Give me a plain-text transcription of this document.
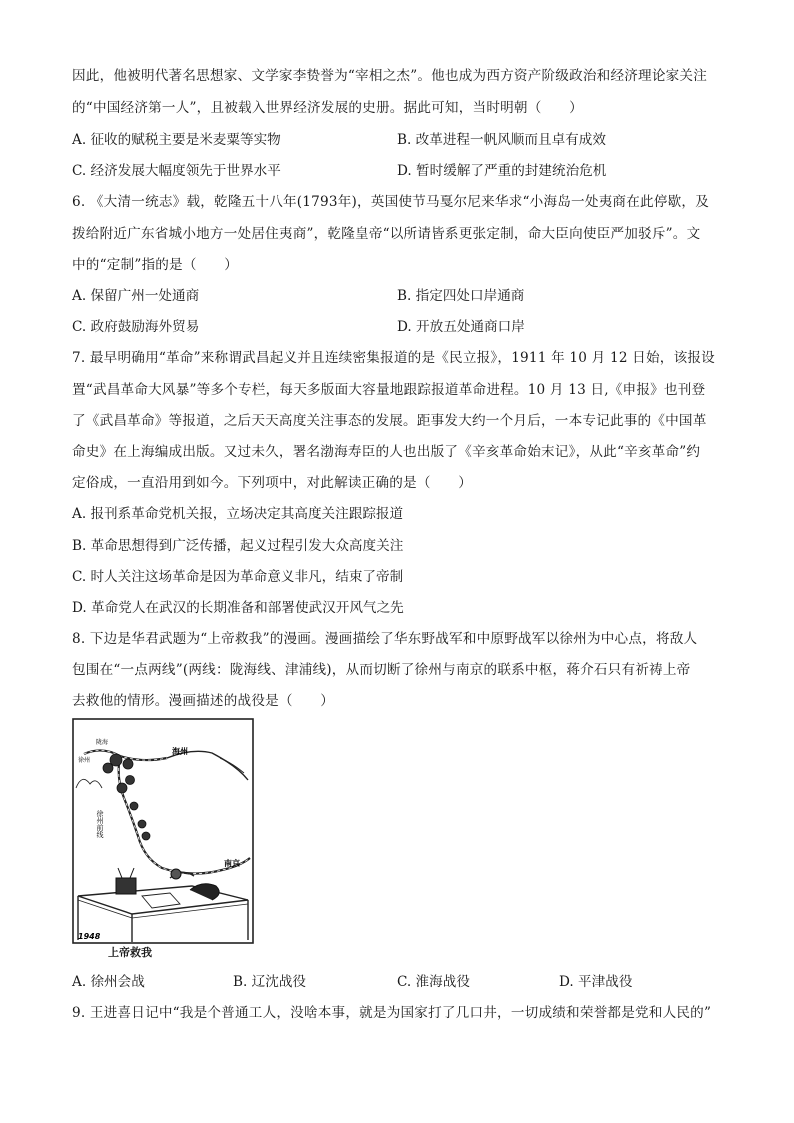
因此，他被明代著名思想家、文学家李贽誉为“宰相之杰”。他也成为西方资产阶级政治和经济理论家关注
的“中国经济第一人”，且被载入世界经济发展的史册。据此可知，当时明朝（　　）
A. 征收的赋税主要是米麦粟等实物	B. 改革进程一帆风顺而且卓有成效
C. 经济发展大幅度领先于世界水平	D. 暂时缓解了严重的封建统治危机
6. 《大清一统志》载，乾隆五十八年(1793年)，英国使节马戛尔尼来华求“小海岛一处夷商在此停歇，及
拨给附近广东省城小地方一处居住夷商”，乾隆皇帝“以所请皆系更张定制，命大臣向使臣严加驳斥”。文
中的“定制”指的是（　　）
A. 保留广州一处通商	B. 指定四处口岸通商
C. 政府鼓励海外贸易	D. 开放五处通商口岸
7. 最早明确用“革命”来称谓武昌起义并且连续密集报道的是《民立报》，1911 年 10 月 12 日始，该报设
置“武昌革命大风暴”等多个专栏，每天多版面大容量地跟踪报道革命进程。10 月 13 日,《申报》也刊登
了《武昌革命》等报道，之后天天高度关注事态的发展。距事发大约一个月后，一本专记此事的《中国革
命史》在上海编成出版。又过未久，署名渤海寿臣的人也出版了《辛亥革命始末记》，从此“辛亥革命”约
定俗成，一直沿用到如今。下列项中，对此解读正确的是（　　）
A. 报刊系革命党机关报，立场决定其高度关注跟踪报道
B. 革命思想得到广泛传播，起义过程引发大众高度关注
C. 时人关注这场革命是因为革命意义非凡，结束了帝制
D. 革命党人在武汉的长期准备和部署使武汉开风气之先
8. 下边是华君武题为“上帝救我”的漫画。漫画描绘了华东野战军和中原野战军以徐州为中心点，将敌人
包围在“一点两线”(两线：陇海线、津浦线)，从而切断了徐州与南京的联系中枢，蒋介石只有祈祷上帝
去救他的情形。漫画描述的战役是（　　）
海州
陇海
徐州
徐州前线
南京
1948
上帝救我
A. 徐州会战	B. 辽沈战役	C. 淮海战役	D. 平津战役
9. 王进喜日记中“我是个普通工人，没啥本事，就是为国家打了几口井，一切成绩和荣誉都是党和人民的”
